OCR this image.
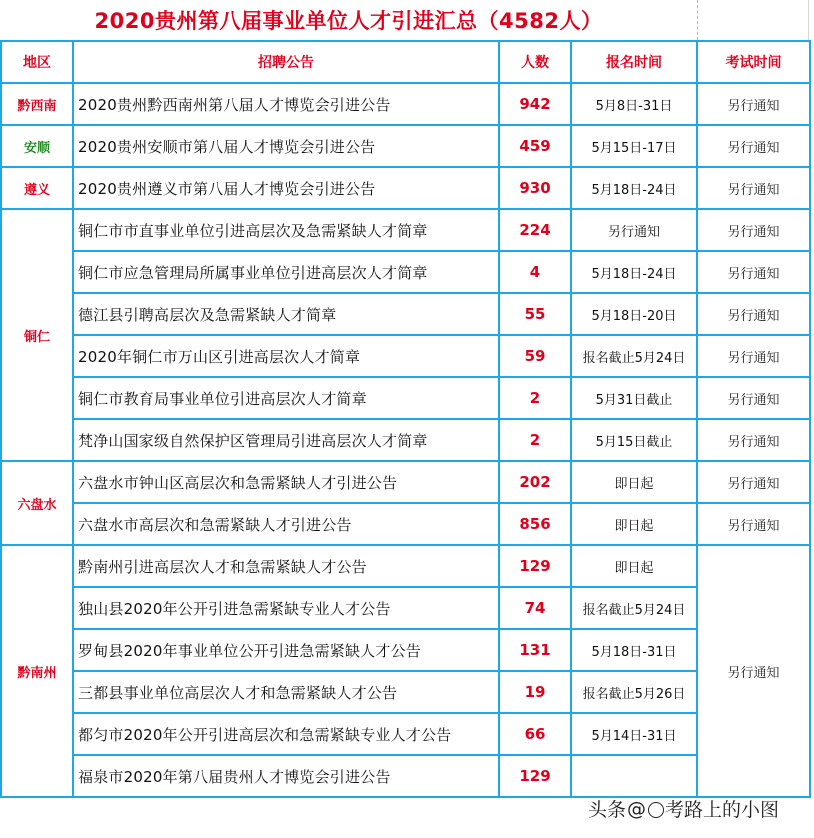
2020贵州第八届事业单位人才引进汇总（4582人）
地区	招聘公告	人数	报名时间	考试时间
黔西南	2020贵州黔西南州第八届人才博览会引进公告	942	5月8日-31日	另行通知
安顺	2020贵州安顺市第八届人才博览会引进公告	459	5月15日-17日	另行通知
遵义	2020贵州遵义市第八届人才博览会引进公告	930	5月18日-24日	另行通知
铜仁	铜仁市市直事业单位引进高层次及急需紧缺人才简章	224	另行通知	另行通知
	铜仁市应急管理局所属事业单位引进高层次人才简章	4	5月18日-24日	另行通知
	德江县引聘高层次及急需紧缺人才简章	55	5月18日-20日	另行通知
	2020年铜仁市万山区引进高层次人才简章	59	报名截止5月24日	另行通知
	铜仁市教育局事业单位引进高层次人才简章	2	5月31日截止	另行通知
	梵净山国家级自然保护区管理局引进高层次人才简章	2	5月15日截止	另行通知
六盘水	六盘水市钟山区高层次和急需紧缺人才引进公告	202	即日起	另行通知
	六盘水市高层次和急需紧缺人才引进公告	856	即日起	另行通知
黔南州	黔南州引进高层次人才和急需紧缺人才公告	129	即日起	另行通知
	独山县2020年公开引进急需紧缺专业人才公告	74	报名截止5月24日	
	罗甸县2020年事业单位公开引进急需紧缺人才公告	131	5月18日-31日	
	三都县事业单位高层次人才和急需紧缺人才公告	19	报名截止5月26日	
	都匀市2020年公开引进高层次和急需紧缺专业人才公告	66	5月14日-31日	
	福泉市2020年第八届贵州人才博览会引进公告	129		
头条 @ 考路上的小图
